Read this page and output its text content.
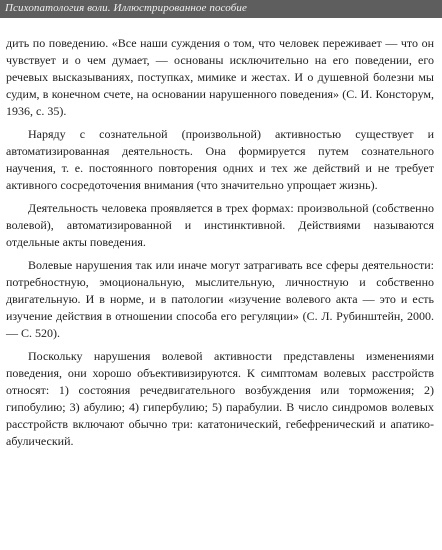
Психопатология воли. Иллюстрированное пособие

дить по поведению. «Все наши суждения о том, что человек переживает — что он чувствует и о чем думает, — основаны исключительно на его поведении, его речевых высказываниях, поступках, мимике и жестах. И о душевной болезни мы судим, в конечном счете, на основании нарушенного поведения» (С. И. Консторум, 1936, с. 35).

Наряду с сознательной (произвольной) активностью существует и автоматизированная деятельность. Она формируется путем сознательного научения, т. е. постоянного повторения одних и тех же действий и не требует активного сосредоточения внимания (что значительно упрощает жизнь).

Деятельность человека проявляется в трех формах: произвольной (собственно волевой), автоматизированной и инстинктивной. Действиями называются отдельные акты поведения.

Волевые нарушения так или иначе могут затрагивать все сферы деятельности: потребностную, эмоциональную, мыслительную, личностную и собственно двигательную. И в норме, и в патологии «изучение волевого акта — это и есть изучение действия в отношении способа его регуляции» (С. Л. Рубинштейн, 2000. — С. 520).

Поскольку нарушения волевой активности представлены изменениями поведения, они хорошо объективизируются. К симптомам волевых расстройств относят: 1) состояния речедвигательного возбуждения или торможения; 2) гипобулию; 3) абулию; 4) гипербулию; 5) парабулии. В число синдромов волевых расстройств включают обычно три: кататонический, гебефренический и апатико-абулический.
